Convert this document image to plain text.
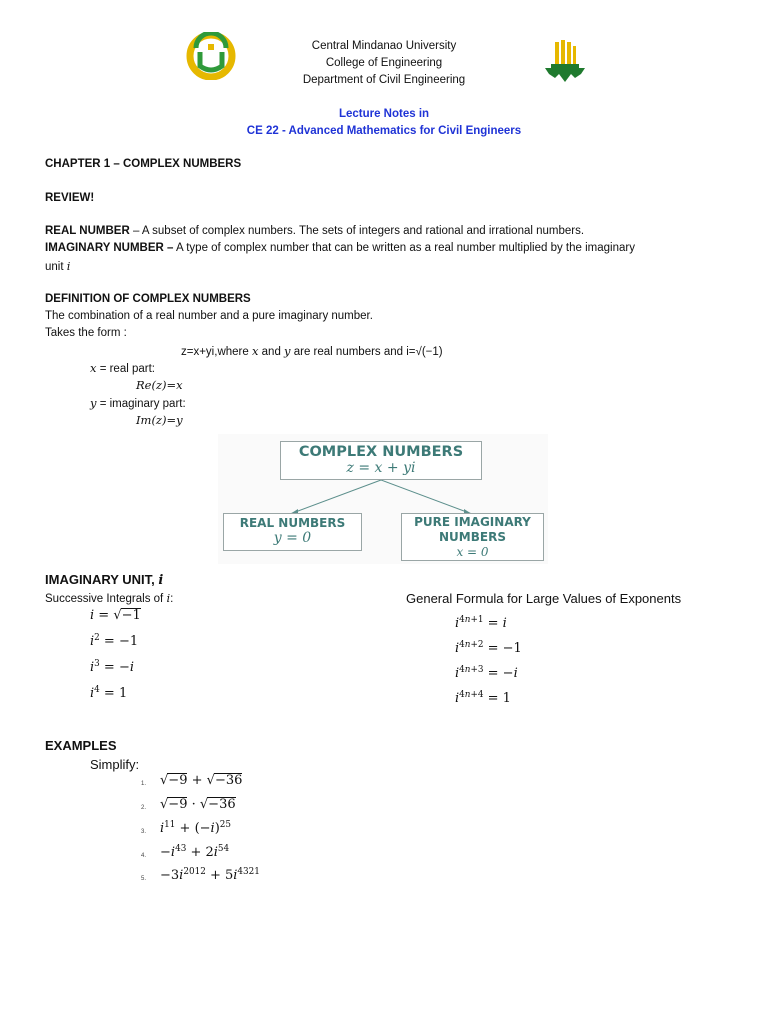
Central Mindanao University
College of Engineering
Department of Civil Engineering
Lecture Notes in
CE 22 - Advanced Mathematics for Civil Engineers
CHAPTER 1 – COMPLEX NUMBERS
REVIEW!
REAL NUMBER – A subset of complex numbers. The sets of integers and rational and irrational numbers.
IMAGINARY NUMBER – A type of complex number that can be written as a real number multiplied by the imaginary
unit i
DEFINITION OF COMPLEX NUMBERS
The combination of a real number and a pure imaginary number.
Takes the form :
z=x+yi,where x and y are real numbers and i=√(−1)
x = real part:
Re(z)=x
y = imaginary part:
Im(z)=y
COMPLEX NUMBERS
z = x + yi
REAL NUMBERS
y = 0
PURE IMAGINARY
NUMBERS
x = 0
IMAGINARY UNIT, i
Successive Integrals of i:	General Formula for Large Values of Exponents
i = √−1
$i^2 = -1$
$i^3 = -i$
$i^4 = 1$
$i^{4n+1} = i$
$i^{4n+2} = -1$
$i^{4n+3} = -i$
$i^{4n+4} = 1$
EXAMPLES
Simplify:
1. √−9 + √−36
2. √−9 · √−36
3. $i^{11} + (-i)^{25}$
4. $-i^{43} + 2i^{54}$
5. $-3i^{2012} + 5i^{4321}$
